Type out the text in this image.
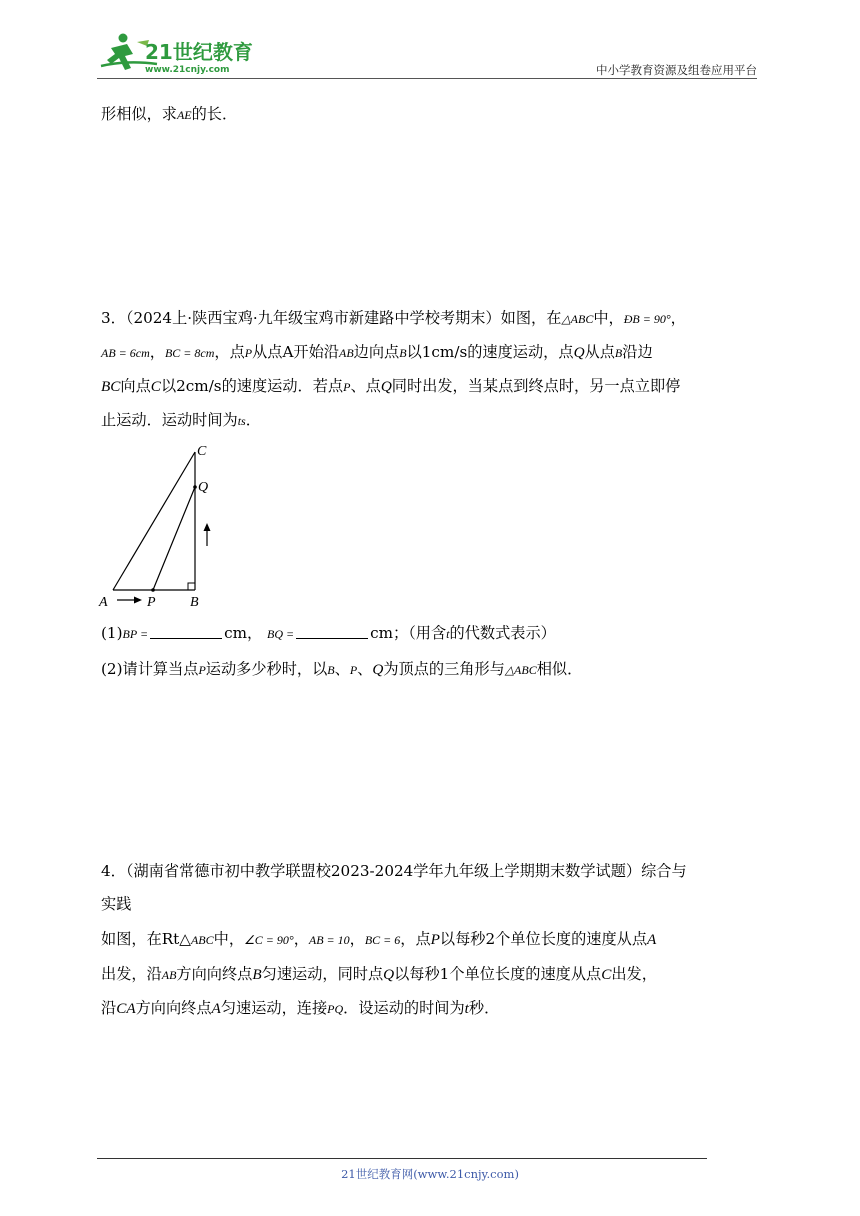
21世纪教育
www.21cnjy.com	中小学教育资源及组卷应用平台
形相似，求AE的长．
3．（2024上·陕西宝鸡·九年级宝鸡市新建路中学校考期末）如图，在△ABC中，ÐB = 90°，
AB = 6cm，BC = 8cm，点P从点A开始沿AB边向点B以1cm/s的速度运动，点Q从点B沿边
BC向点C以2cm/s的速度运动．若点P、点Q同时出发，当某点到终点时，另一点立即停
止运动．运动时间为ts．
C
Q
A	P B
(1)BP =	cm， BQ =	cm；（用含t的代数式表示）
(2)请计算当点P运动多少秒时，以B、P、Q为顶点的三角形与△ABC相似．
4．（湖南省常德市初中教学联盟校2023-2024学年九年级上学期期末数学试题）综合与
实践
如图，在Rt△ABC中，∠C = 90°，AB = 10，BC = 6，点P以每秒2个单位长度的速度从点A
出发，沿AB方向向终点B匀速运动，同时点Q以每秒1个单位长度的速度从点C出发，
沿CA方向向终点A匀速运动，连接PQ．设运动的时间为t秒．
21世纪教育网(www.21cnjy.com)
